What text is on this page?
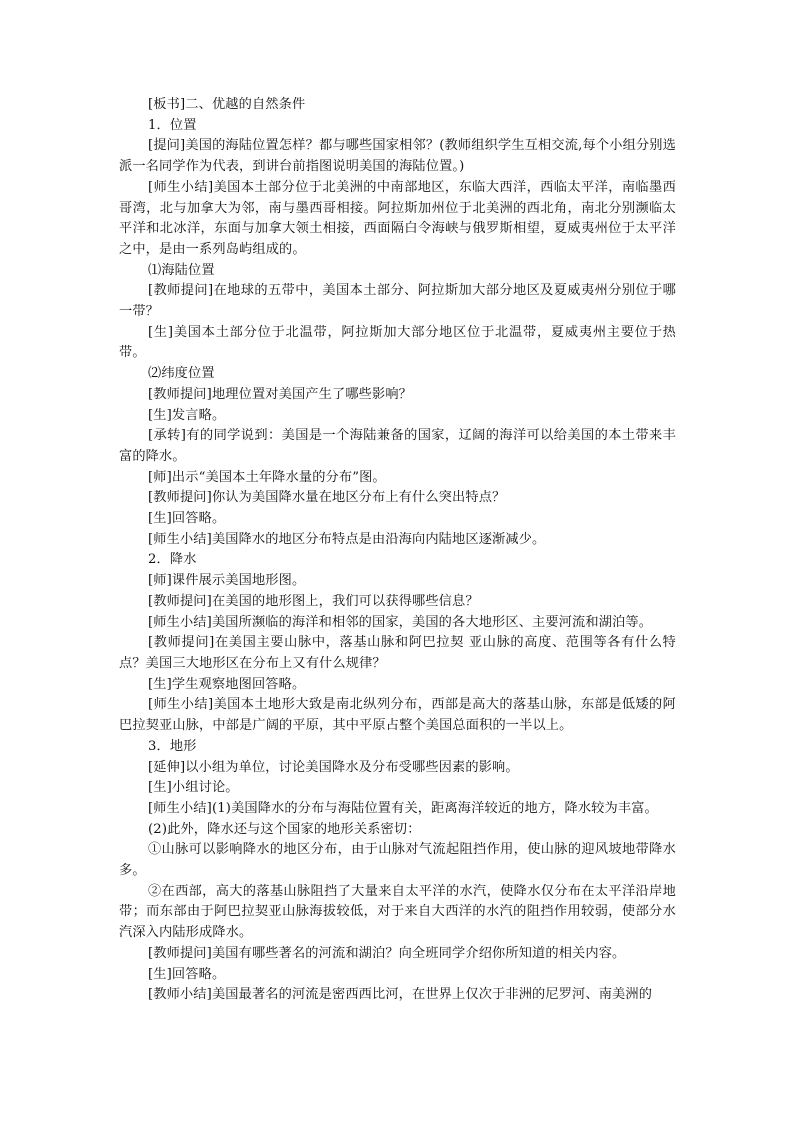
[板书]二、优越的自然条件

1．位置

[提问]美国的海陆位置怎样？都与哪些国家相邻？(教师组织学生互相交流,每个小组分别选派一名同学作为代表，到讲台前指图说明美国的海陆位置。)

[师生小结]美国本土部分位于北美洲的中南部地区，东临大西洋，西临太平洋，南临墨西哥湾，北与加拿大为邻，南与墨西哥相接。阿拉斯加州位于北美洲的西北角，南北分别濒临太平洋和北冰洋，东面与加拿大领土相接，西面隔白令海峡与俄罗斯相望，夏威夷州位于太平洋之中，是由一系列岛屿组成的。

⑴海陆位置

[教师提问]在地球的五带中，美国本土部分、阿拉斯加大部分地区及夏威夷州分别位于哪一带？

[生]美国本土部分位于北温带，阿拉斯加大部分地区位于北温带，夏威夷州主要位于热带。

⑵纬度位置

[教师提问]地理位置对美国产生了哪些影响？

[生]发言略。

[承转]有的同学说到：美国是一个海陆兼备的国家，辽阔的海洋可以给美国的本土带来丰富的降水。

[师]出示“美国本土年降水量的分布”图。

[教师提问]你认为美国降水量在地区分布上有什么突出特点？

[生]回答略。

[师生小结]美国降水的地区分布特点是由沿海向内陆地区逐渐减少。

2．降水

[师]课件展示美国地形图。

[教师提问]在美国的地形图上，我们可以获得哪些信息？

[师生小结]美国所濒临的海洋和相邻的国家，美国的各大地形区、主要河流和湖泊等。

[教师提问]在美国主要山脉中，落基山脉和阿巴拉契 亚山脉的高度、范围等各有什么特点？美国三大地形区在分布上又有什么规律？

[生]学生观察地图回答略。

[师生小结]美国本土地形大致是南北纵列分布，西部是高大的落基山脉，东部是低矮的阿巴拉契亚山脉，中部是广阔的平原，其中平原占整个美国总面积的一半以上。

3．地形

[延伸]以小组为单位，讨论美国降水及分布受哪些因素的影响。

[生]小组讨论。

[师生小结](1)美国降水的分布与海陆位置有关，距离海洋较近的地方，降水较为丰富。

(2)此外，降水还与这个国家的地形关系密切：

①山脉可以影响降水的地区分布，由于山脉对气流起阻挡作用，使山脉的迎风坡地带降水多。

②在西部，高大的落基山脉阻挡了大量来自太平洋的水汽，使降水仅分布在太平洋沿岸地带；而东部由于阿巴拉契亚山脉海拔较低，对于来自大西洋的水汽的阻挡作用较弱，使部分水汽深入内陆形成降水。

[教师提问]美国有哪些著名的河流和湖泊？向全班同学介绍你所知道的相关内容。

[生]回答略。

[教师小结]美国最著名的河流是密西西比河，在世界上仅次于非洲的尼罗河、南美洲的
